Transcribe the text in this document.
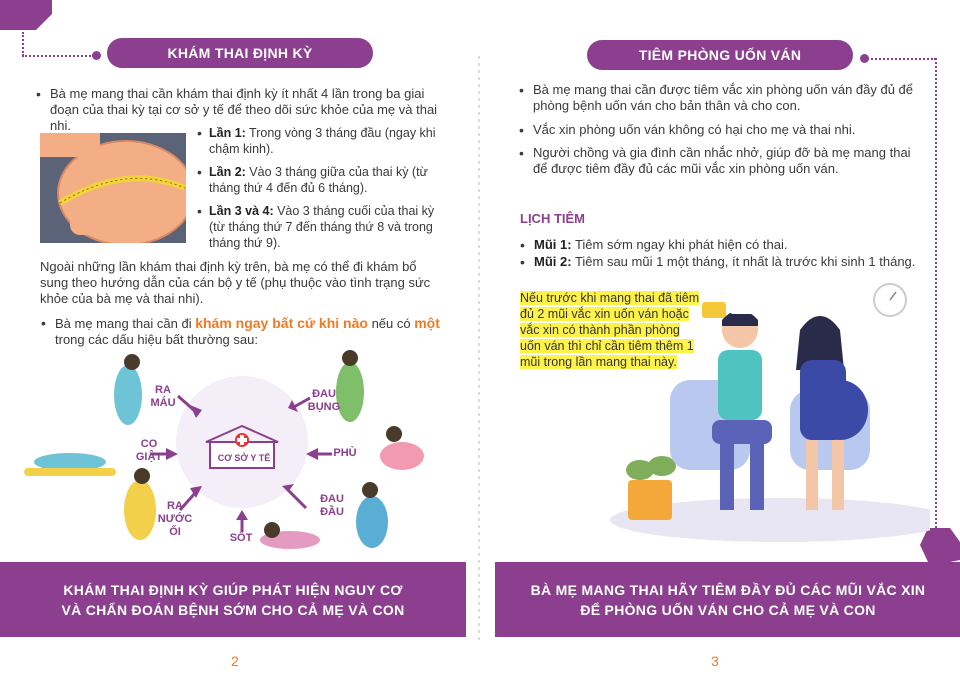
KHÁM THAI ĐỊNH KỲ
• Bà mẹ mang thai cần khám thai định kỳ ít nhất 4 lần trong ba giai đoạn của thai kỳ tại cơ sở y tế để theo dõi sức khỏe của mẹ và thai nhi.
•	Lần 1: Trong vòng 3 tháng đầu (ngay khi chậm kinh).
• Lần 2: Vào 3 tháng giữa của thai kỳ (từ tháng thứ 4 đến đủ 6 tháng).
• Lần 3 và 4: Vào 3 tháng cuối của thai kỳ (từ tháng thứ 7 đến tháng thứ 8 và trong tháng thứ 9).
Ngoài những lần khám thai định kỳ trên, bà mẹ có thể đi khám bổ sung theo hướng dẫn của cán bộ y tế (phụ thuộc vào tình trạng sức khỏe của bà mẹ và thai nhi).
• Bà mẹ mang thai cần đi khám ngay bất cứ khi nào nếu có một trong các dấu hiệu bất thường sau:
CƠ SỞ Y TẾ
RA MÁU
ĐAU BỤNG
CO GIẬT	PHÙ
RA NƯỚC ỐI	SỐT
ĐAU ĐẦU
KHÁM THAI ĐỊNH KỲ GIÚP PHÁT HIỆN NGUY CƠ
VÀ CHẨN ĐOÁN BỆNH SỚM CHO CẢ MẸ VÀ CON
2
TIÊM PHÒNG UỐN VÁN
• Bà mẹ mang thai cần được tiêm vắc xin phòng uốn ván đầy đủ để phòng bệnh uốn ván cho bản thân và cho con.
• Vắc xin phòng uốn ván không có hại cho mẹ và thai nhi.
• Người chồng và gia đình cần nhắc nhở, giúp đỡ bà mẹ mang thai để được tiêm đầy đủ các mũi vắc xin phòng uốn ván.
LỊCH TIÊM
• Mũi 1: Tiêm sớm ngay khi phát hiện có thai.
• Mũi 2: Tiêm sau mũi 1 một tháng, ít nhất là trước khi sinh 1 tháng.
Nếu trước khi mang thai đã tiêm
đủ 2 mũi vắc xin uốn ván hoặc
vắc xin có thành phần phòng
uốn ván thì chỉ cần tiêm thêm 1
mũi trong lần mang thai này.
BÀ MẸ MANG THAI HÃY TIÊM ĐẦY ĐỦ CÁC MŨI VẮC XIN
ĐỂ PHÒNG UỐN VÁN CHO CẢ MẸ VÀ CON
3
